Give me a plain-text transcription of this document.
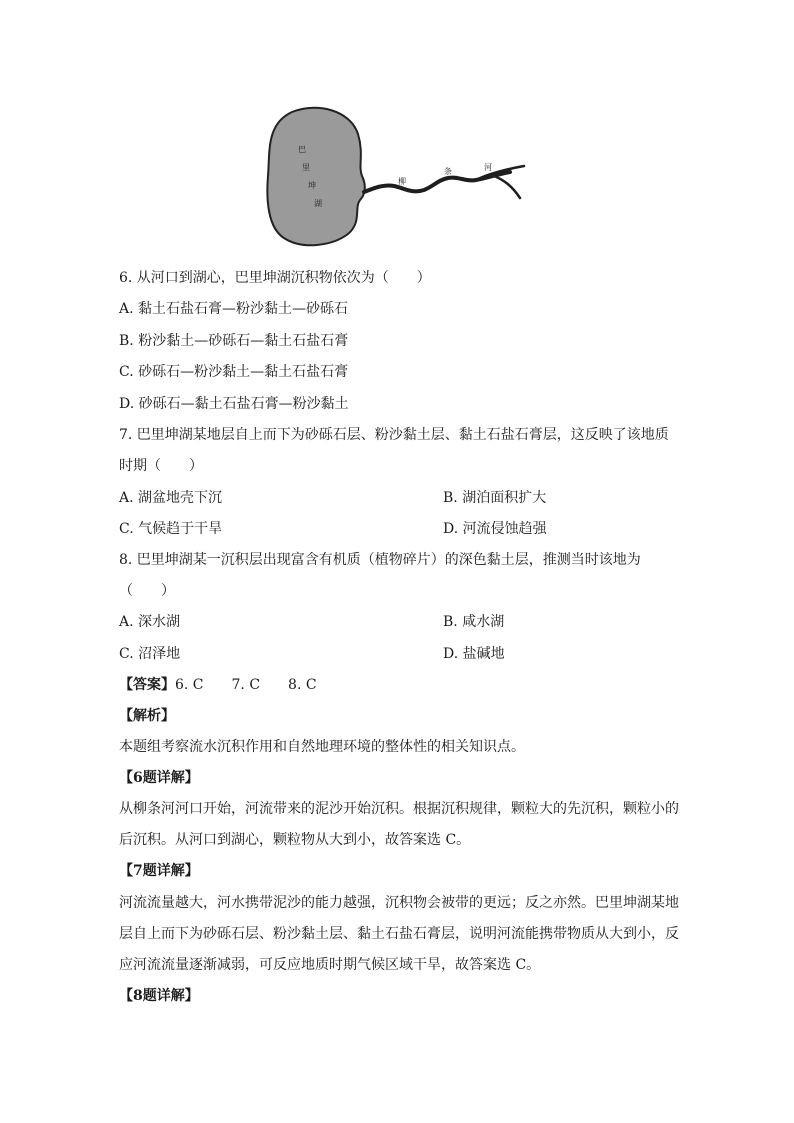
巴
里
坤
湖
柳
条	河
6. 从河口到湖心，巴里坤湖沉积物依次为（　　）
A. 黏土石盐石膏—粉沙黏土—砂砾石
B. 粉沙黏土—砂砾石—黏土石盐石膏
C. 砂砾石—粉沙黏土—黏土石盐石膏
D. 砂砾石—黏土石盐石膏—粉沙黏土
7. 巴里坤湖某地层自上而下为砂砾石层、粉沙黏土层、黏土石盐石膏层，这反映了该地质
时期（　　）
A. 湖盆地壳下沉	B. 湖泊面积扩大
C. 气候趋于干旱	D. 河流侵蚀趋强
8. 巴里坤湖某一沉积层出现富含有机质（植物碎片）的深色黏土层，推测当时该地为
（　　）
A. 深水湖	B. 咸水湖
C. 沼泽地	D. 盐碱地
【答案】6. C　　7. C　　8. C
【解析】
本题组考察流水沉积作用和自然地理环境的整体性的相关知识点。
【6题详解】
从柳条河河口开始，河流带来的泥沙开始沉积。根据沉积规律，颗粒大的先沉积，颗粒小的
后沉积。从河口到湖心，颗粒物从大到小，故答案选 C。
【7题详解】
河流流量越大，河水携带泥沙的能力越强，沉积物会被带的更远；反之亦然。巴里坤湖某地
层自上而下为砂砾石层、粉沙黏土层、黏土石盐石膏层，说明河流能携带物质从大到小，反
应河流流量逐渐减弱，可反应地质时期气候区域干旱，故答案选 C。
【8题详解】
